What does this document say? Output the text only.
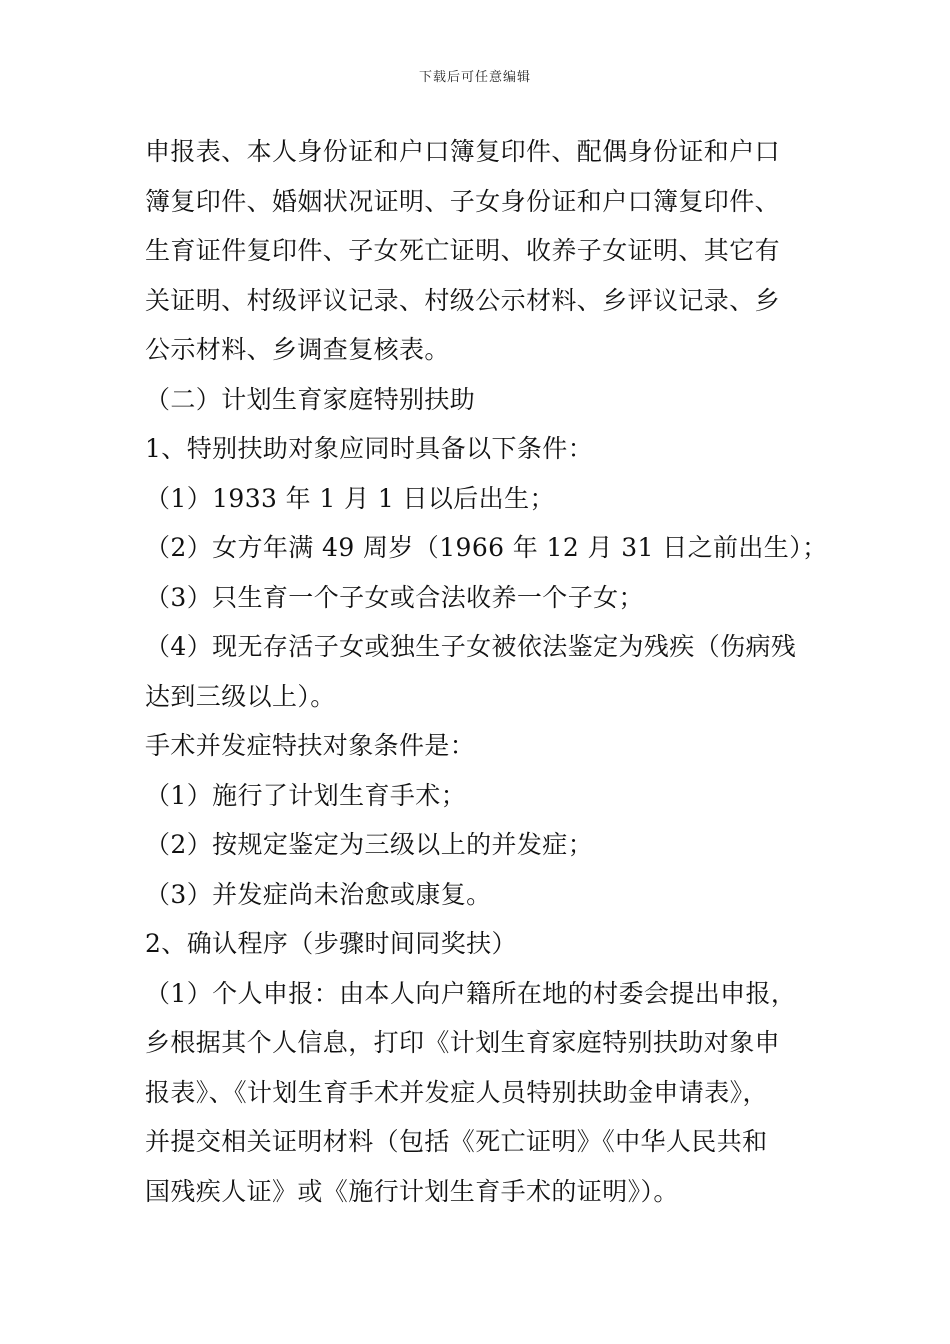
下载后可任意编辑
申报表、本人身份证和户口簿复印件、配偶身份证和户口
簿复印件、婚姻状况证明、子女身份证和户口簿复印件、
生育证件复印件、子女死亡证明、收养子女证明、其它有
关证明、村级评议记录、村级公示材料、乡评议记录、乡
公示材料、乡调查复核表。
（二）计划生育家庭特别扶助
1、特别扶助对象应同时具备以下条件：
（1）1933 年 1 月 1 日以后出生；
（2）女方年满 49 周岁（1966 年 12 月 31 日之前出生）；
（3）只生育一个子女或合法收养一个子女；
（4）现无存活子女或独生子女被依法鉴定为残疾（伤病残
达到三级以上）。
手术并发症特扶对象条件是：
（1）施行了计划生育手术；
（2）按规定鉴定为三级以上的并发症；
（3）并发症尚未治愈或康复。
2、确认程序（步骤时间同奖扶）
（1）个人申报：由本人向户籍所在地的村委会提出申报，
乡根据其个人信息，打印《计划生育家庭特别扶助对象申
报表》、《计划生育手术并发症人员特别扶助金申请表》，
并提交相关证明材料（包括《死亡证明》《中华人民共和
国残疾人证》或《施行计划生育手术的证明》）。
